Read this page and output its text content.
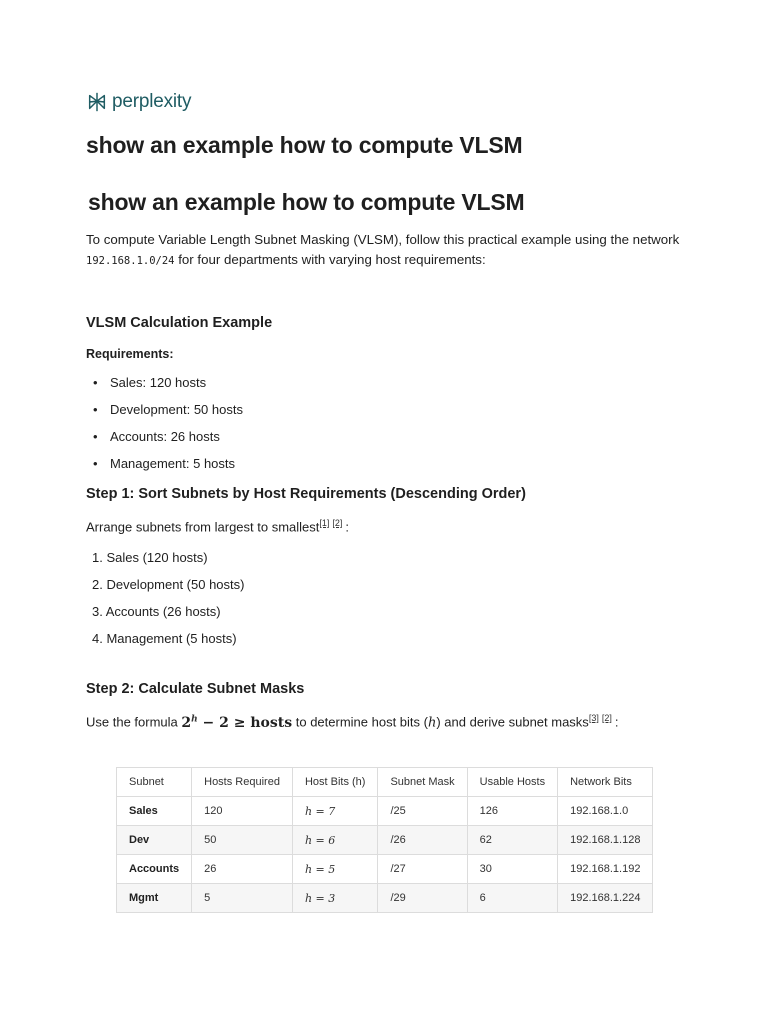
perplexity
show an example how to compute VLSM
show an example how to compute VLSM

To compute Variable Length Subnet Masking (VLSM), follow this practical example using the network 192.168.1.0/24 for four departments with varying host requirements:

VLSM Calculation Example
Requirements:
• Sales: 120 hosts
• Development: 50 hosts
• Accounts: 26 hosts
• Management: 5 hosts
Step 1: Sort Subnets by Host Requirements (Descending Order)

Arrange subnets from largest to smallest[1] [2] :

1. Sales (120 hosts)
2. Development (50 hosts)
3. Accounts (26 hosts)
4. Management (5 hosts)
Step 2: Calculate Subnet Masks

Use the formula $2^h - 2$ ≥ hosts to determine host bits (h) and derive subnet masks[3] [2] :

Subnet	Hosts Required	Host Bits (h)	Subnet Mask	Usable Hosts	Network Bits
Sales	120	h = 7	/25	126	192.168.1.0
Dev	50	h = 6	/26	62	192.168.1.128
Accounts	26	h = 5	/27	30	192.168.1.192
Mgmt	5	h = 3	/29	6	192.168.1.224
